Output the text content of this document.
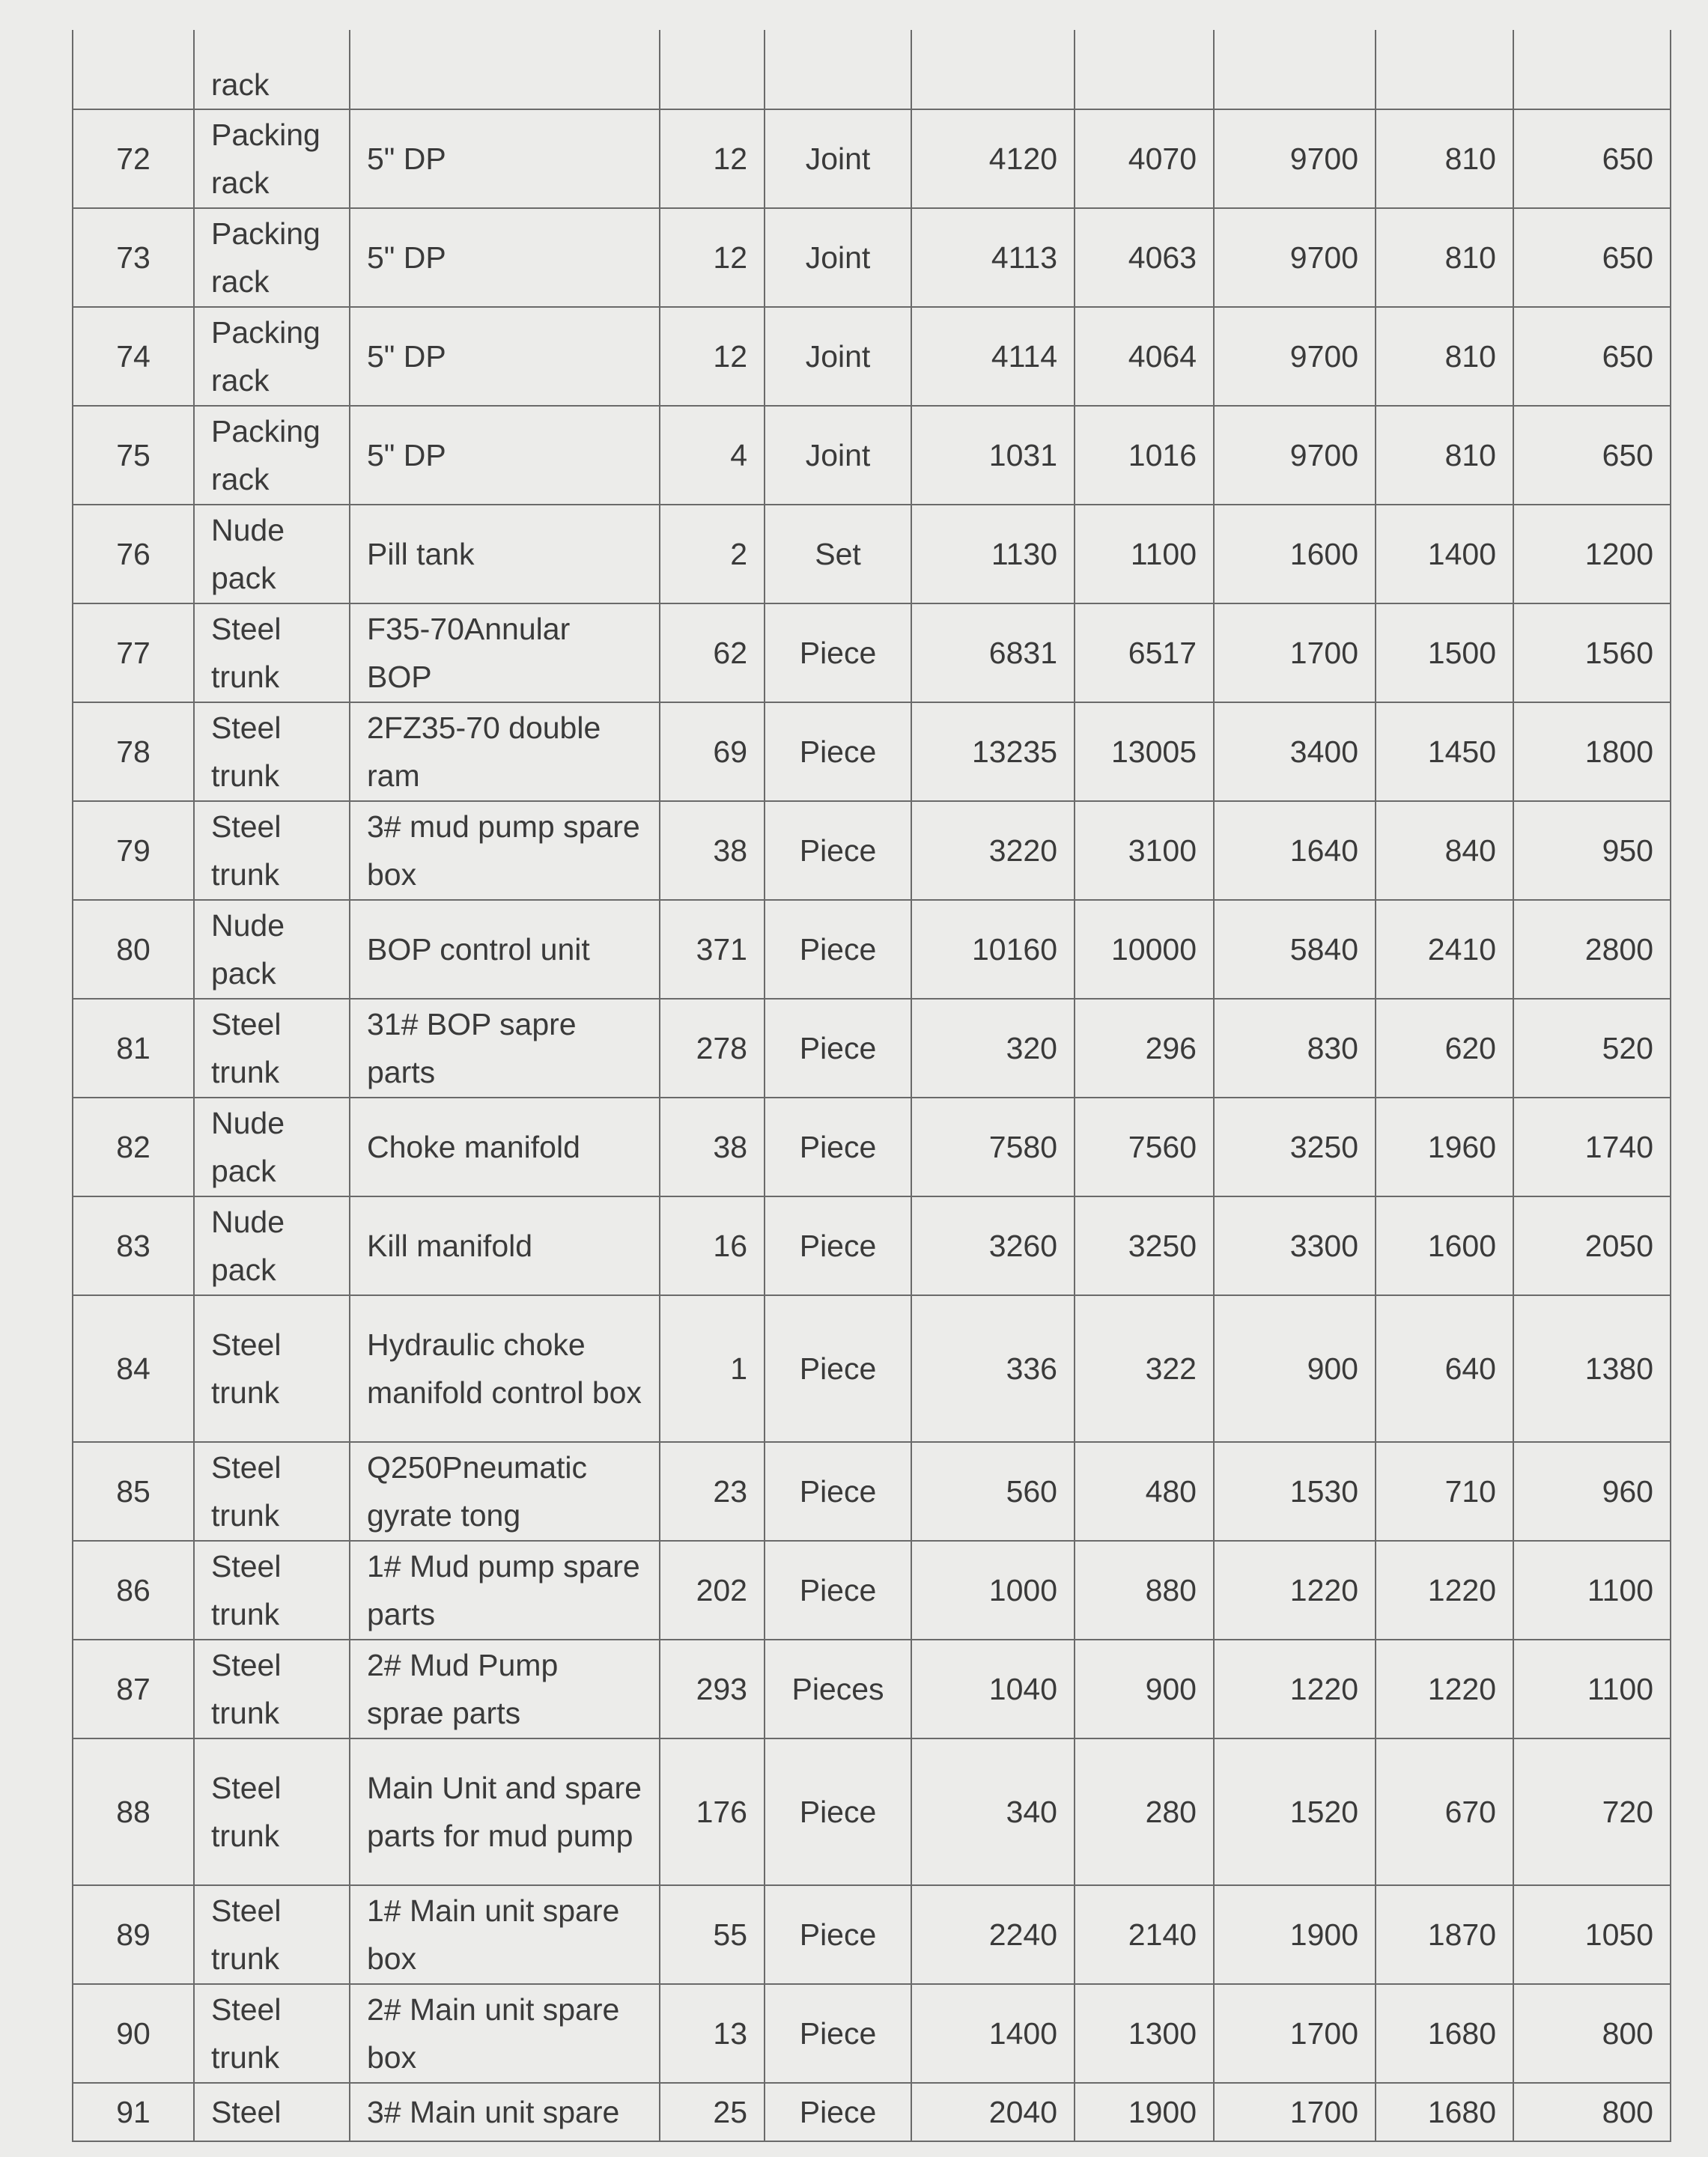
	rack								
72	Packing rack	5" DP	12	Joint	4120	4070	9700	810	650
73	Packing rack	5" DP	12	Joint	4113	4063	9700	810	650
74	Packing rack	5" DP	12	Joint	4114	4064	9700	810	650
75	Packing rack	5" DP	4	Joint	1031	1016	9700	810	650
76	Nude pack	Pill tank	2	Set	1130	1100	1600	1400	1200
77	Steel trunk	F35-70Annular BOP	62	Piece	6831	6517	1700	1500	1560
78	Steel trunk	2FZ35-70 double ram	69	Piece	13235	13005	3400	1450	1800
79	Steel trunk	3# mud pump spare box	38	Piece	3220	3100	1640	840	950
80	Nude pack	BOP control unit	371	Piece	10160	10000	5840	2410	2800
81	Steel trunk	31# BOP sapre parts	278	Piece	320	296	830	620	520
82	Nude pack	Choke manifold	38	Piece	7580	7560	3250	1960	1740
83	Nude pack	Kill manifold	16	Piece	3260	3250	3300	1600	2050
84	Steel trunk	Hydraulic choke manifold control box	1	Piece	336	322	900	640	1380
85	Steel trunk	Q250Pneumatic gyrate tong	23	Piece	560	480	1530	710	960
86	Steel trunk	1# Mud pump spare parts	202	Piece	1000	880	1220	1220	1100
87	Steel trunk	2# Mud Pump sprae parts	293	Pieces	1040	900	1220	1220	1100
88	Steel trunk	Main Unit and spare parts for mud pump	176	Piece	340	280	1520	670	720
89	Steel trunk	1# Main unit spare box	55	Piece	2240	2140	1900	1870	1050
90	Steel trunk	2# Main unit spare box	13	Piece	1400	1300	1700	1680	800
91	Steel	3# Main unit spare	25	Piece	2040	1900	1700	1680	800
